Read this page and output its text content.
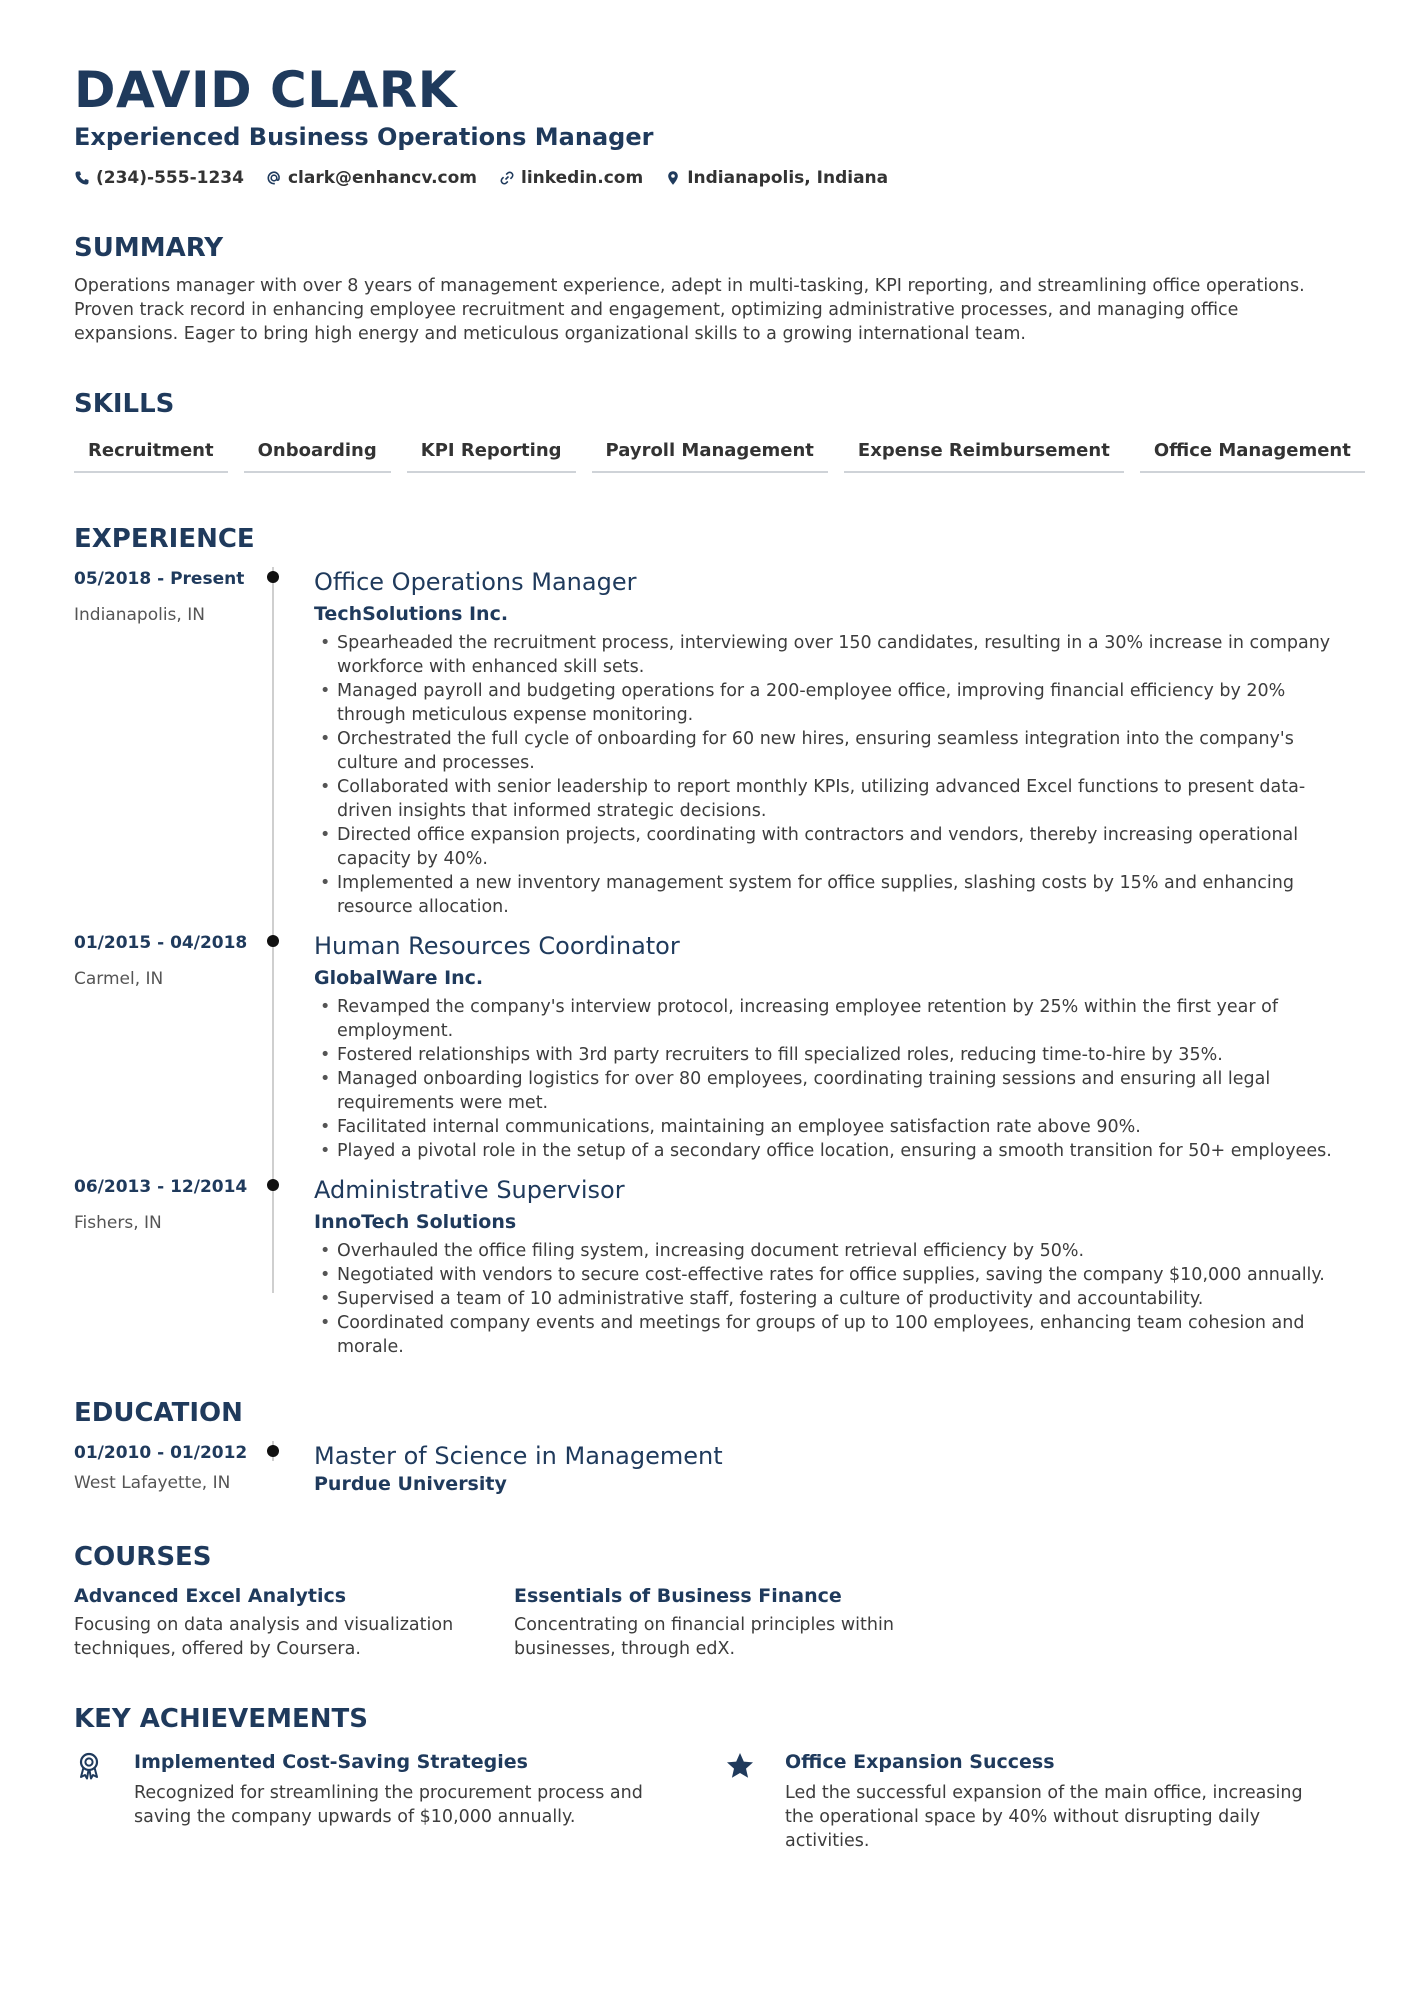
DAVID CLARK
Experienced Business Operations Manager
(234)-555-1234	clark@enhancv.com	linkedin.com	Indianapolis, Indiana
SUMMARY

Operations manager with over 8 years of management experience, adept in multi-tasking, KPI reporting, and streamlining office operations. Proven track record in enhancing employee recruitment and engagement, optimizing administrative processes, and managing office expansions. Eager to bring high energy and meticulous organizational skills to a growing international team.

SKILLS
Recruitment	Onboarding	KPI Reporting	Payroll Management	Expense Reimbursement	Office Management
EXPERIENCE
05/2018 - Present
Indianapolis, IN
Office Operations Manager
TechSolutions Inc.
• Spearheaded the recruitment process, interviewing over 150 candidates, resulting in a 30% increase in company workforce with enhanced skill sets.
• Managed payroll and budgeting operations for a 200-employee office, improving financial efficiency by 20% through meticulous expense monitoring.
• Orchestrated the full cycle of onboarding for 60 new hires, ensuring seamless integration into the company's culture and processes.
• Collaborated with senior leadership to report monthly KPIs, utilizing advanced Excel functions to present data-driven insights that informed strategic decisions.
• Directed office expansion projects, coordinating with contractors and vendors, thereby increasing operational capacity by 40%.
• Implemented a new inventory management system for office supplies, slashing costs by 15% and enhancing resource allocation.
01/2015 - 04/2018
Carmel, IN
Human Resources Coordinator
GlobalWare Inc.
• Revamped the company's interview protocol, increasing employee retention by 25% within the first year of employment.
• Fostered relationships with 3rd party recruiters to fill specialized roles, reducing time-to-hire by 35%.
• Managed onboarding logistics for over 80 employees, coordinating training sessions and ensuring all legal requirements were met.
• Facilitated internal communications, maintaining an employee satisfaction rate above 90%.
• Played a pivotal role in the setup of a secondary office location, ensuring a smooth transition for 50+ employees.
06/2013 - 12/2014
Fishers, IN
Administrative Supervisor
InnoTech Solutions
• Overhauled the office filing system, increasing document retrieval efficiency by 50%.
• Negotiated with vendors to secure cost-effective rates for office supplies, saving the company $10,000 annually.
• Supervised a team of 10 administrative staff, fostering a culture of productivity and accountability.
• Coordinated company events and meetings for groups of up to 100 employees, enhancing team cohesion and morale.
EDUCATION
01/2010 - 01/2012
West Lafayette, IN
Master of Science in Management
Purdue University
COURSES
Advanced Excel Analytics
Focusing on data analysis and visualization techniques, offered by Coursera.
Essentials of Business Finance
Concentrating on financial principles within businesses, through edX.
KEY ACHIEVEMENTS
Implemented Cost-Saving Strategies
Recognized for streamlining the procurement process and saving the company upwards of $10,000 annually.
Office Expansion Success
Led the successful expansion of the main office, increasing the operational space by 40% without disrupting daily activities.
